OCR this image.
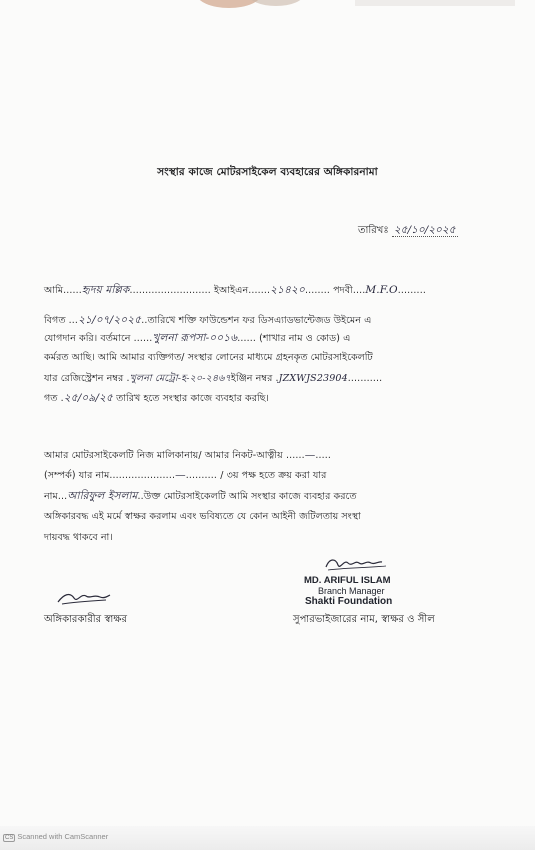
সংস্থার কাজে মোটরসাইকেল ব্যবহারের অঙ্গিকারনামা
তারিখঃ ২৫/১০/২০২৫
আমি......হৃদয় মল্লিক.......................... ইআইএন.......২১৪২০........ পদবী....M.F.O.........
বিগত ...২১/০৭/২০২৫..তারিখে শক্তি ফাউন্ডেশন ফর ডিসএ্যাডভান্টেজড উইমেন এ
যোগদান করি। বর্তমানে ......খুলনা রূপসা-০০১৬...... (শাখার নাম ও কোড) এ
কর্মরত আছি। আমি আমার ব্যক্তিগত/ সংস্থার লোনের মাধ্যমে গ্রহনকৃত মোটরসাইকেলটি
যার রেজিস্ট্রেশন নম্বর .খুলনা মেট্রো-হ-২০-২৪৬৭ইঞ্জিন নম্বর .JZXWJS23904...........
গত .২৫/০৯/২৫ তারিখ হতে সংস্থার কাজে ব্যবহার করছি।
আমার মোটরসাইকেলটি নিজ মালিকানায়/ আমার নিকট-আত্নীয় ......—.....
(সম্পর্ক) যার নাম.....................—.......... / ৩য় পক্ষ হতে ক্রয় করা যার
নাম...আরিফুল ইসলাম..উক্ত মোটরসাইকেলটি আমি সংস্থার কাজে ব্যবহার করতে
অঙ্গিকারবদ্ধ এই মর্মে স্বাক্ষর করলাম এবং ভবিষ্যতে যে কোন আইনী জটিলতায় সংস্থা
দায়বদ্ধ থাকবে না।
অঙ্গিকারকারীর স্বাক্ষর
MD. ARIFUL ISLAM
Branch Manager
Shakti Foundation
সুপারভাইজারের নাম, স্বাক্ষর ও সীল
CS Scanned with CamScanner
